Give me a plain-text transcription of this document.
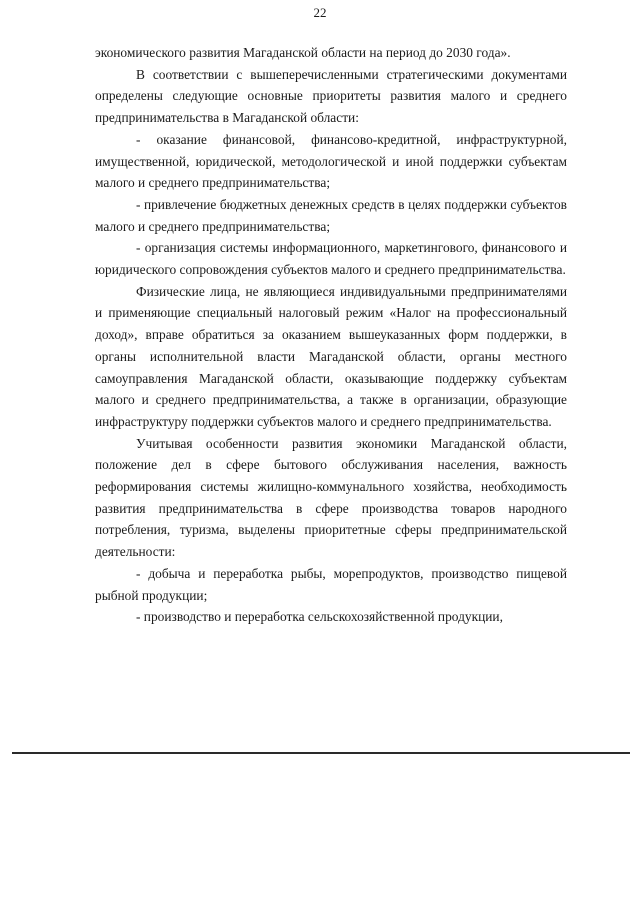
22

экономического развития Магаданской области на период до 2030 года».

В соответствии с вышеперечисленными стратегическими документами определены следующие основные приоритеты развития малого и среднего предпринимательства в Магаданской области:

- оказание финансовой, финансово-кредитной, инфраструктурной, имущественной, юридической, методологической и иной поддержки субъектам малого и среднего предпринимательства;

- привлечение бюджетных денежных средств в целях поддержки субъектов малого и среднего предпринимательства;

- организация системы информационного, маркетингового, финансового и юридического сопровождения субъектов малого и среднего предпринимательства.

Физические лица, не являющиеся индивидуальными предпринимателями и применяющие специальный налоговый режим «Налог на профессиональный доход», вправе обратиться за оказанием вышеуказанных форм поддержки, в органы исполнительной власти Магаданской области, органы местного самоуправления Магаданской области, оказывающие поддержку субъектам малого и среднего предпринимательства, а также в организации, образующие инфраструктуру поддержки субъектов малого и среднего предпринимательства.

Учитывая особенности развития экономики Магаданской области, положение дел в сфере бытового обслуживания населения, важность реформирования системы жилищно-коммунального хозяйства, необходимость развития предпринимательства в сфере производства товаров народного потребления, туризма, выделены приоритетные сферы предпринимательской деятельности:

- добыча и переработка рыбы, морепродуктов, производство пищевой рыбной продукции;

- производство и переработка сельскохозяйственной продукции,
